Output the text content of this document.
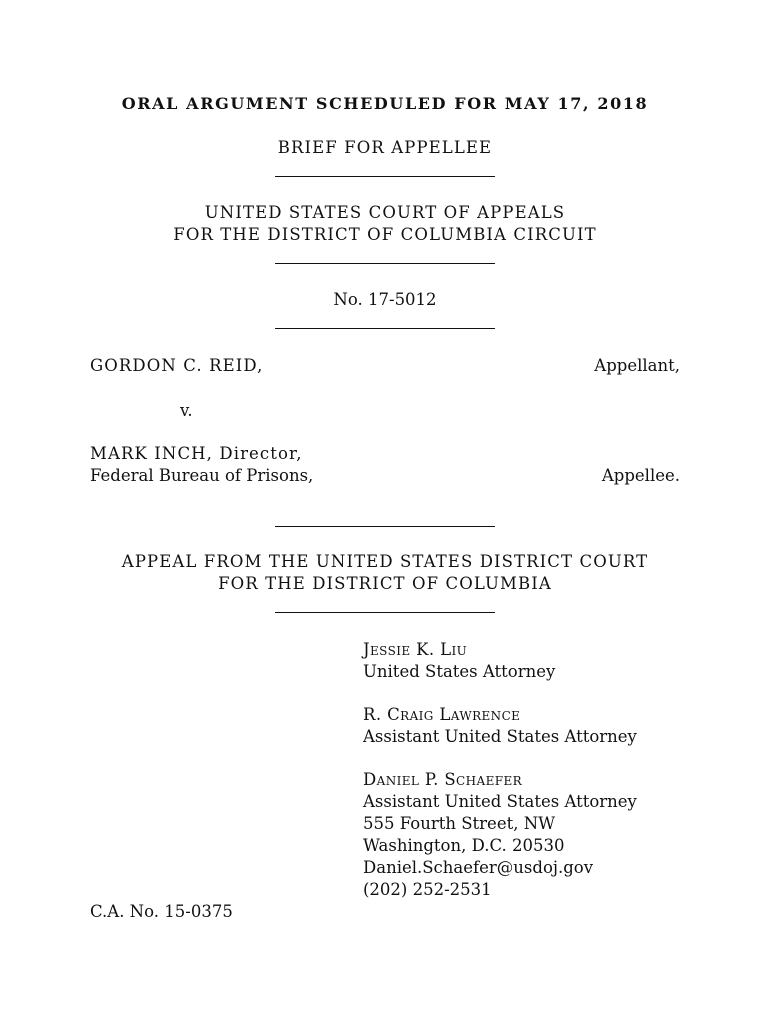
ORAL ARGUMENT SCHEDULED FOR MAY 17, 2018
BRIEF FOR APPELLEE
UNITED STATES COURT OF APPEALS
FOR THE DISTRICT OF COLUMBIA CIRCUIT
No. 17-5012
GORDON C. REID,	Appellant,
v.
MARK INCH, Director,
Federal Bureau of Prisons,	Appellee.
APPEAL FROM THE UNITED STATES DISTRICT COURT
FOR THE DISTRICT OF COLUMBIA
Jessie K. Liu
United States Attorney
R. Craig Lawrence
Assistant United States Attorney
Daniel P. Schaefer
Assistant United States Attorney
555 Fourth Street, NW
Washington, D.C. 20530
Daniel.Schaefer@usdoj.gov
(202) 252-2531
C.A. No. 15-0375
